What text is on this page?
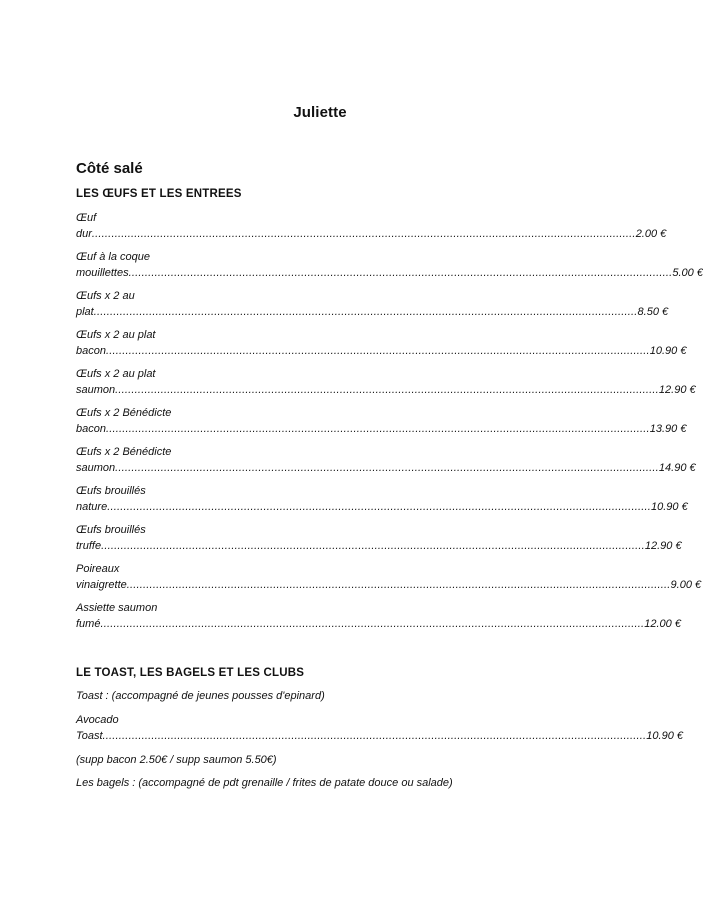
Juliette
Côté salé
LES ŒUFS ET LES ENTREES
Œuf
dur ....................................................................................................................................................................... 2.00 €
Œuf à la coque
mouillettes ....................................................................................................................................................................... 5.00 €
Œufs x 2 au
plat ....................................................................................................................................................................... 8.50 €
Œufs x 2 au plat
bacon ....................................................................................................................................................................... 10.90 €
Œufs x 2 au plat
saumon ....................................................................................................................................................................... 12.90 €
Œufs x 2 Bénédicte
bacon ....................................................................................................................................................................... 13.90 €
Œufs x 2 Bénédicte
saumon ....................................................................................................................................................................... 14.90 €
Œufs brouillés
nature ....................................................................................................................................................................... 10.90 €
Œufs brouillés
truffe ....................................................................................................................................................................... 12.90 €
Poireaux
vinaigrette ....................................................................................................................................................................... 9.00 €
Assiette saumon
fumé ....................................................................................................................................................................... 12.00 €
LE TOAST, LES BAGELS ET LES CLUBS
Toast : (accompagné de jeunes pousses d'epinard)
Avocado
Toast ....................................................................................................................................................................... 10.90 €
(supp bacon 2.50€ / supp saumon 5.50€)
Les bagels : (accompagné de pdt grenaille / frites de patate douce ou salade)
